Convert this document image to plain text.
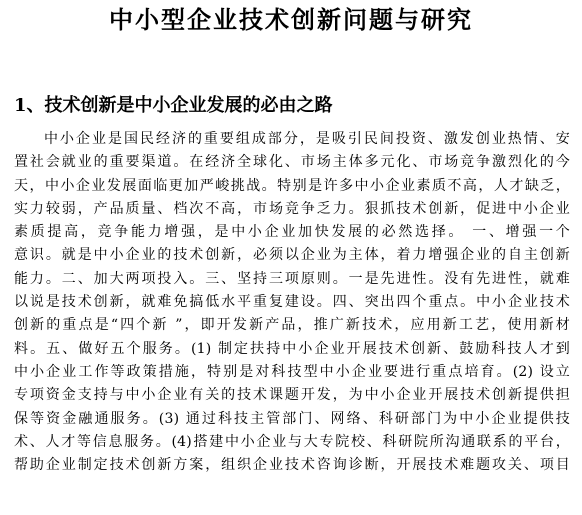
中小型企业技术创新问题与研究
1、技术创新是中小企业发展的必由之路
中小企业是国民经济的重要组成部分，是吸引民间投资、激发创业热情、安
置社会就业的重要渠道。在经济全球化、市场主体多元化、市场竞争激烈化的今
天，中小企业发展面临更加严峻挑战。特别是许多中小企业素质不高，人才缺乏，
实力较弱，产品质量、档次不高，市场竞争乏力。狠抓技术创新，促进中小企业
素质提高，竞争能力增强，是中小企业加快发展的必然选择。 一、增强一个
意识。就是中小企业的技术创新，必须以企业为主体，着力增强企业的自主创新
能力。二、加大两项投入。三、坚持三项原则。一是先进性。没有先进性，就难
以说是技术创新，就难免搞低水平重复建设。四、突出四个重点。中小企业技术
创新的重点是“四个新 ”，即开发新产品，推广新技术，应用新工艺，使用新材
料。五、做好五个服务。(1) 制定扶持中小企业开展技术创新、鼓励科技人才到
中小企业工作等政策措施，特别是对科技型中小企业要进行重点培育。(2) 设立
专项资金支持与中小企业有关的技术课题开发，为中小企业开展技术创新提供担
保等资金融通服务。(3) 通过科技主管部门、网络、科研部门为中小企业提供技
术、人才等信息服务。(4)搭建中小企业与大专院校、科研院所沟通联系的平台，
帮助企业制定技术创新方案，组织企业技术咨询诊断，开展技术难题攻关、项目
